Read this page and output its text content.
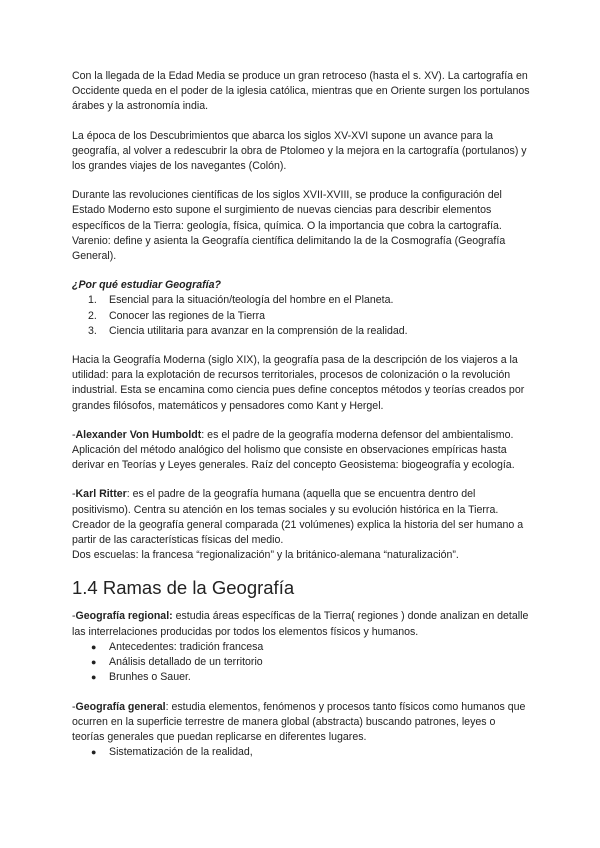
Con la llegada de la Edad Media se produce un gran retroceso (hasta el s. XV). La cartografía en Occidente queda en el poder de la iglesia católica, mientras que en Oriente surgen los portulanos árabes y la astronomía india.

La época de los Descubrimientos que abarca los siglos XV-XVI supone un avance para la geografía, al volver a redescubrir la obra de Ptolomeo y la mejora en la cartografía (portulanos) y los grandes viajes de los navegantes (Colón).

Durante las revoluciones científicas de los siglos XVII-XVIII, se produce la configuración del Estado Moderno esto supone el surgimiento de nuevas ciencias para describir elementos específicos de la Tierra: geología, física, química. O la importancia que cobra la cartografía. Varenio: define y asienta la Geografía científica delimitando la de la Cosmografía (Geografía General).

¿Por qué estudiar Geografía?

1. Esencial para la situación/teología del hombre en el Planeta.
2. Conocer las regiones de la Tierra
3. Ciencia utilitaria para avanzar en la comprensión de la realidad.

Hacia la Geografía Moderna (siglo XIX), la geografía pasa de la descripción de los viajeros a la utilidad: para la explotación de recursos territoriales, procesos de colonización o la revolución industrial. Esta se encamina como ciencia pues define conceptos métodos y teorías creados por grandes filósofos, matemáticos y pensadores como Kant y Hergel.

-Alexander Von Humboldt: es el padre de la geografía moderna defensor del ambientalismo.

Aplicación del método analógico del holismo que consiste en observaciones empíricas hasta derivar en Teorías y Leyes generales. Raíz del concepto Geosistema: biogeografía y ecología.

-Karl Ritter: es el padre de la geografía humana (aquella que se encuentra dentro del positivismo). Centra su atención en los temas sociales y su evolución histórica en la Tierra. Creador de la geografía general comparada (21 volúmenes) explica la historia del ser humano a partir de las características físicas del medio.

Dos escuelas: la francesa “regionalización” y la británico-alemana “naturalización”.

1.4 Ramas de la Geografía

-Geografía regional: estudia áreas específicas de la Tierra( regiones ) donde analizan en detalle las interrelaciones producidas por todos los elementos físicos y humanos.

● Antecedentes: tradición francesa
● Análisis detallado de un territorio
● Brunhes o Sauer.

-Geografía general: estudia elementos, fenómenos y procesos tanto físicos como humanos que ocurren en la superficie terrestre de manera global (abstracta) buscando patrones, leyes o teorías generales que puedan replicarse en diferentes lugares.

● Sistematización de la realidad,
